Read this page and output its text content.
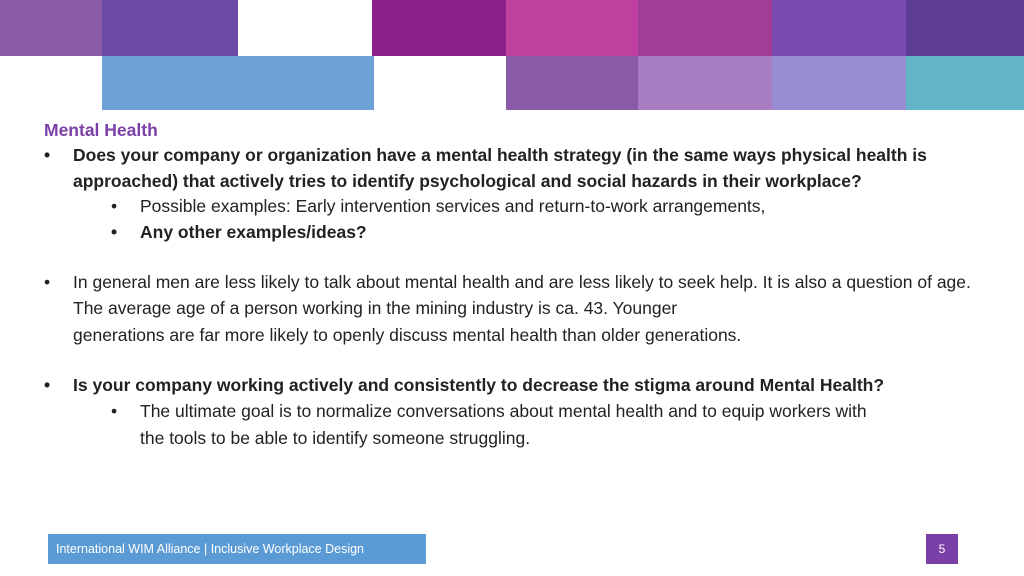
Mental Health
• Does your company or organization have a mental health strategy (in the same ways physical health is approached) that actively tries to identify psychological and social hazards in their workplace?
• Possible examples: Early intervention services and return-to-work arrangements,
• Any other examples/ideas?
• In general men are less likely to talk about mental health and are less likely to seek help. It is also a question of age. The average age of a person working in the mining industry is ca. 43. Younger
generations are far more likely to openly discuss mental health than older generations.
• Is your company working actively and consistently to decrease the stigma around Mental Health?
• The ultimate goal is to normalize conversations about mental health and to equip workers with
the tools to be able to identify someone struggling.
International WIM Alliance | Inclusive Workplace Design	5
